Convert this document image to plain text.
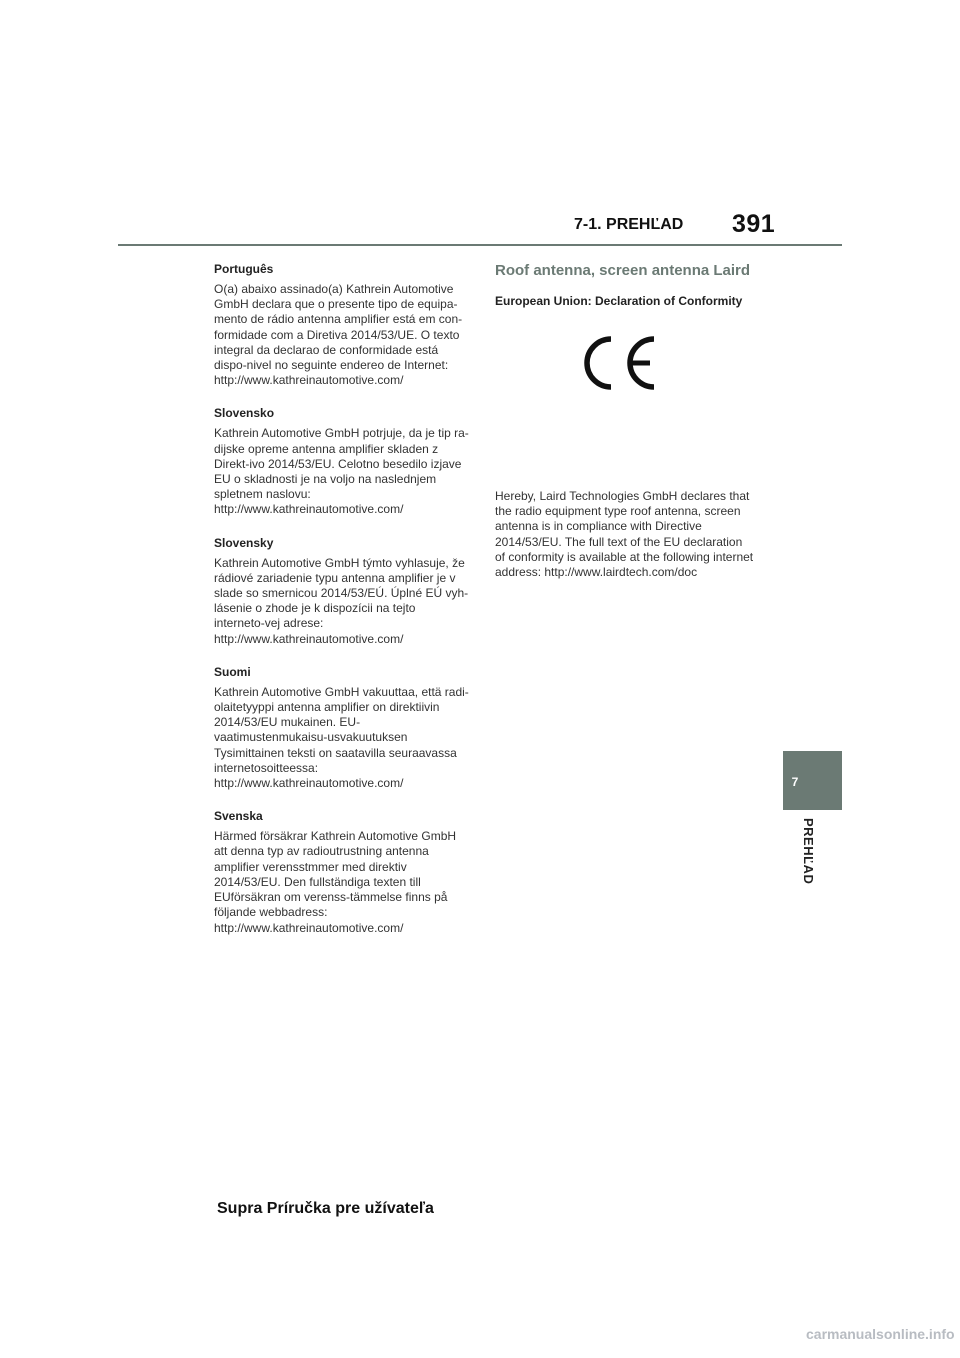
7-1. PREHĽAD 391
Português
O(a) abaixo assinado(a) Kathrein Automotive GmbH declara que o presente tipo de equipa-mento de rádio antenna amplifier está em con-formidade com a Diretiva 2014/53/UE. O texto integral da declarao de conformidade está dispo-nivel no seguinte endereo de Internet: http://www.kathreinautomotive.com/
Slovensko
Kathrein Automotive GmbH potrjuje, da je tip ra-dijske opreme antenna amplifier skladen z Direkt-ivo 2014/53/EU. Celotno besedilo izjave EU o skladnosti je na voljo na naslednjem spletnem naslovu: http://www.kathreinautomotive.com/
Slovensky
Kathrein Automotive GmbH týmto vyhlasuje, že rádiové zariadenie typu antenna amplifier je v slade so smernicou 2014/53/EÚ. Úplné EÚ vyh-lásenie o zhode je k dispozícii na tejto interneto-vej adrese: http://www.kathreinautomotive.com/
Suomi
Kathrein Automotive GmbH vakuuttaa, että radi-olaitetyyppi antenna amplifier on direktiivin 2014/53/EU mukainen. EU-vaatimustenmukaisu-usvakuutuksen Tysimittainen teksti on saatavilla seuraavassa internetosoitteessa: http://www.kathreinautomotive.com/
Svenska
Härmed försäkrar Kathrein Automotive GmbH att denna typ av radioutrustning antenna amplifier verensstmmer med direktiv 2014/53/EU. Den fullständiga texten till EUförsäkran om verenss-tämmelse finns på följande webbadress: http://www.kathreinautomotive.com/
Roof antenna, screen antenna Laird
European Union: Declaration of Conformity
Hereby, Laird Technologies GmbH declares that the radio equipment type roof antenna, screen antenna is in compliance with Directive 2014/53/EU. The full text of the EU declaration of conformity is available at the following internet address: http://www.lairdtech.com/doc
7
PREHĽAD
Supra Príručka pre užívateľa
carmanualsonline.info
